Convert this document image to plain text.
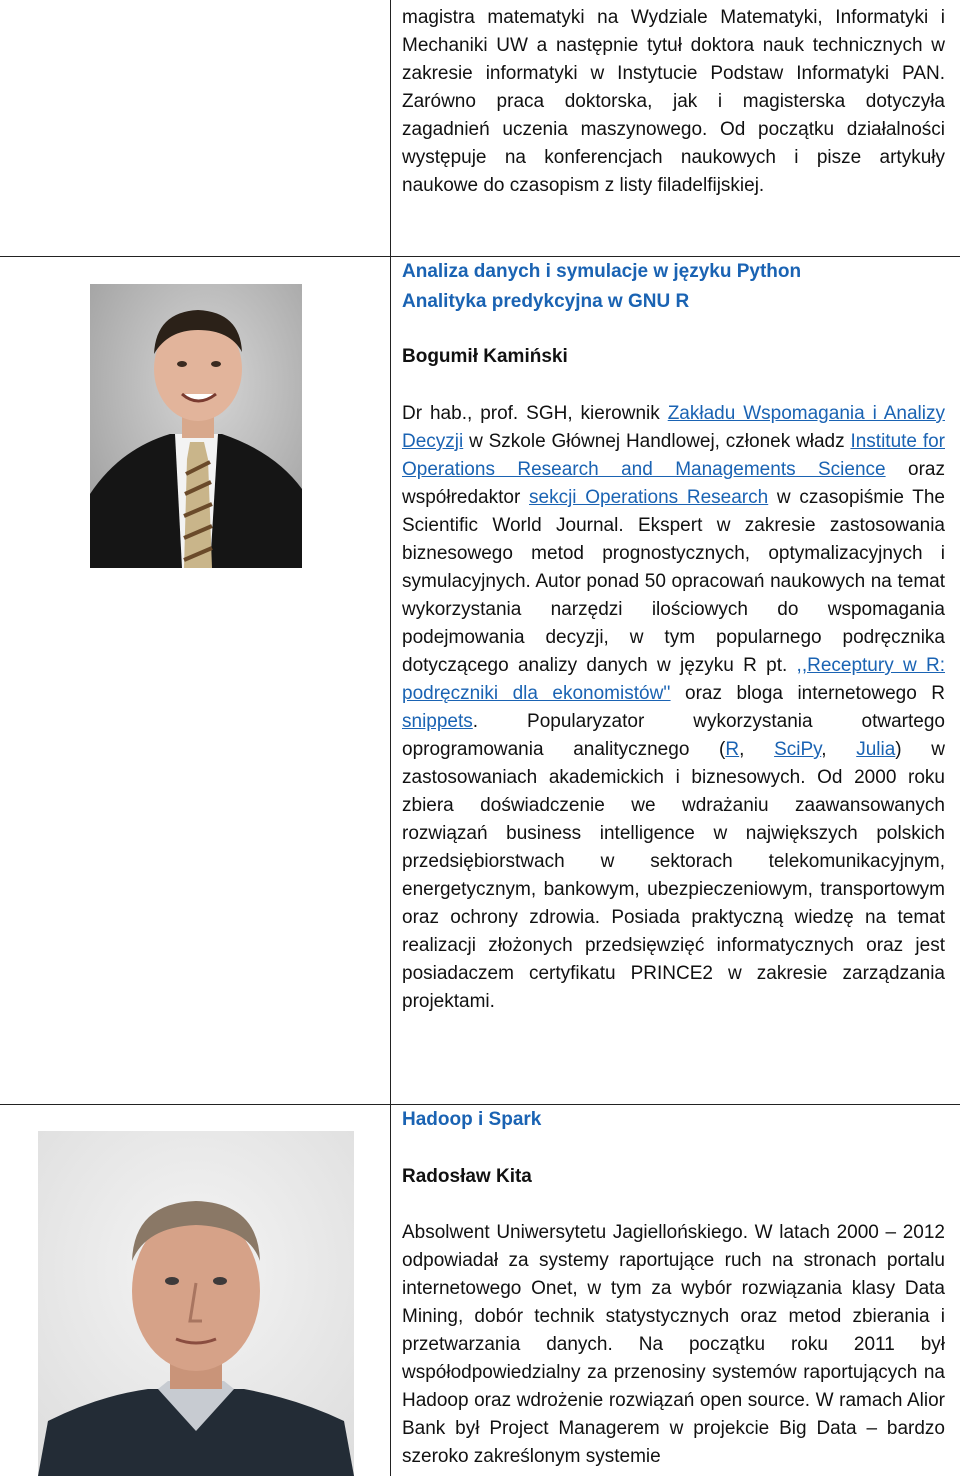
magistra matematyki na Wydziale Matematyki, Informatyki i Mechaniki UW a następnie tytuł doktora nauk technicznych w zakresie informatyki w Instytucie Podstaw Informatyki PAN. Zarówno praca doktorska, jak i magisterska dotyczyła zagadnień uczenia maszynowego. Od początku działalności występuje na konferencjach naukowych i pisze artykuły naukowe do czasopism z listy filadelfijskiej.
Analiza danych i symulacje w języku Python
Analityka predykcyjna w GNU R
Bogumił Kamiński
Dr hab., prof. SGH, kierownik Zakładu Wspomagania i Analizy Decyzji w Szkole Głównej Handlowej, członek władz Institute for Operations Research and Managements Science oraz współredaktor sekcji Operations Research w czasopiśmie The Scientific World Journal. Ekspert w zakresie zastosowania biznesowego metod prognostycznych, optymalizacyjnych i symulacyjnych. Autor ponad 50 opracowań naukowych na temat wykorzystania narzędzi ilościowych do wspomagania podejmowania decyzji, w tym popularnego podręcznika dotyczącego analizy danych w języku R pt. ,,Receptury w R: podręczniki dla ekonomistów'' oraz bloga internetowego R snippets. Popularyzator wykorzystania otwartego oprogramowania analitycznego (R, SciPy, Julia) w zastosowaniach akademickich i biznesowych. Od 2000 roku zbiera doświadczenie we wdrażaniu zaawansowanych rozwiązań business intelligence w największych polskich przedsiębiorstwach w sektorach telekomunikacyjnym, energetycznym, bankowym, ubezpieczeniowym, transportowym oraz ochrony zdrowia. Posiada praktyczną wiedzę na temat realizacji złożonych przedsięwzięć informatycznych oraz jest posiadaczem certyfikatu PRINCE2 w zakresie zarządzania projektami.
Hadoop i Spark
Radosław Kita
Absolwent Uniwersytetu Jagiellońskiego. W latach 2000 – 2012 odpowiadał za systemy raportujące ruch na stronach portalu internetowego Onet, w tym za wybór rozwiązania klasy Data Mining, dobór technik statystycznych oraz metod zbierania i przetwarzania danych. Na początku roku 2011 był współodpowiedzialny za przenosiny systemów raportujących na Hadoop oraz wdrożenie rozwiązań open source. W ramach Alior Bank był Project Managerem w projekcie Big Data – bardzo szeroko zakreślonym systemie
